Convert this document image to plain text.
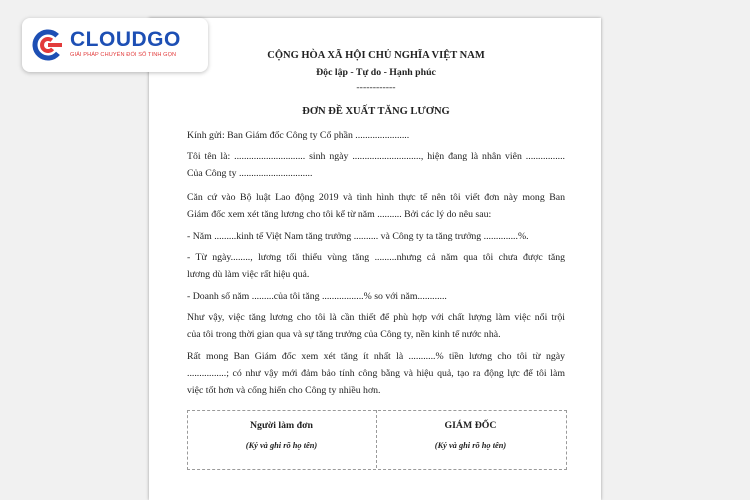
CLOUDGO
GIẢI PHÁP CHUYỂN ĐỔI SỐ TINH GỌN	CỘNG HÒA XÃ HỘI CHỦ NGHĨA VIỆT NAM
Độc lập - Tự do - Hạnh phúc
------------
ĐƠN ĐỀ XUẤT TĂNG LƯƠNG
Kính gửi: Ban Giám đốc Công ty Cổ phần ......................
Tôi tên là: ............................. sinh ngày ............................, hiện đang là nhân viên ................
Của Công ty ..............................
Căn cứ vào Bộ luật Lao động 2019 và tình hình thực tế nên tôi viết đơn này mong Ban
Giám đốc xem xét tăng lương cho tôi kể từ năm .......... Bởi các lý do nêu sau:
- Năm .........kinh tế Việt Nam tăng trưởng .......... và Công ty ta tăng trưởng ..............%.
- Từ ngày........, lương tối thiểu vùng tăng .........nhưng cả năm qua tôi chưa được tăng
lương dù làm việc rất hiệu quả.
- Doanh số năm .........của tôi tăng .................% so với năm............
Như vậy, việc tăng lương cho tôi là cần thiết để phù hợp với chất lượng làm việc nổi trội
của tôi trong thời gian qua và sự tăng trưởng của Công ty, nền kinh tế nước nhà.
Rất mong Ban Giám đốc xem xét tăng ít nhất là ...........% tiền lương cho tôi từ ngày
................; có như vậy mới đảm bảo tính công bằng và hiệu quả, tạo ra động lực để tôi làm
việc tốt hơn và cống hiến cho Công ty nhiều hơn.
Người làm đơn
(Ký và ghi rõ họ tên)
GIÁM ĐỐC
(Ký và ghi rõ họ tên)
